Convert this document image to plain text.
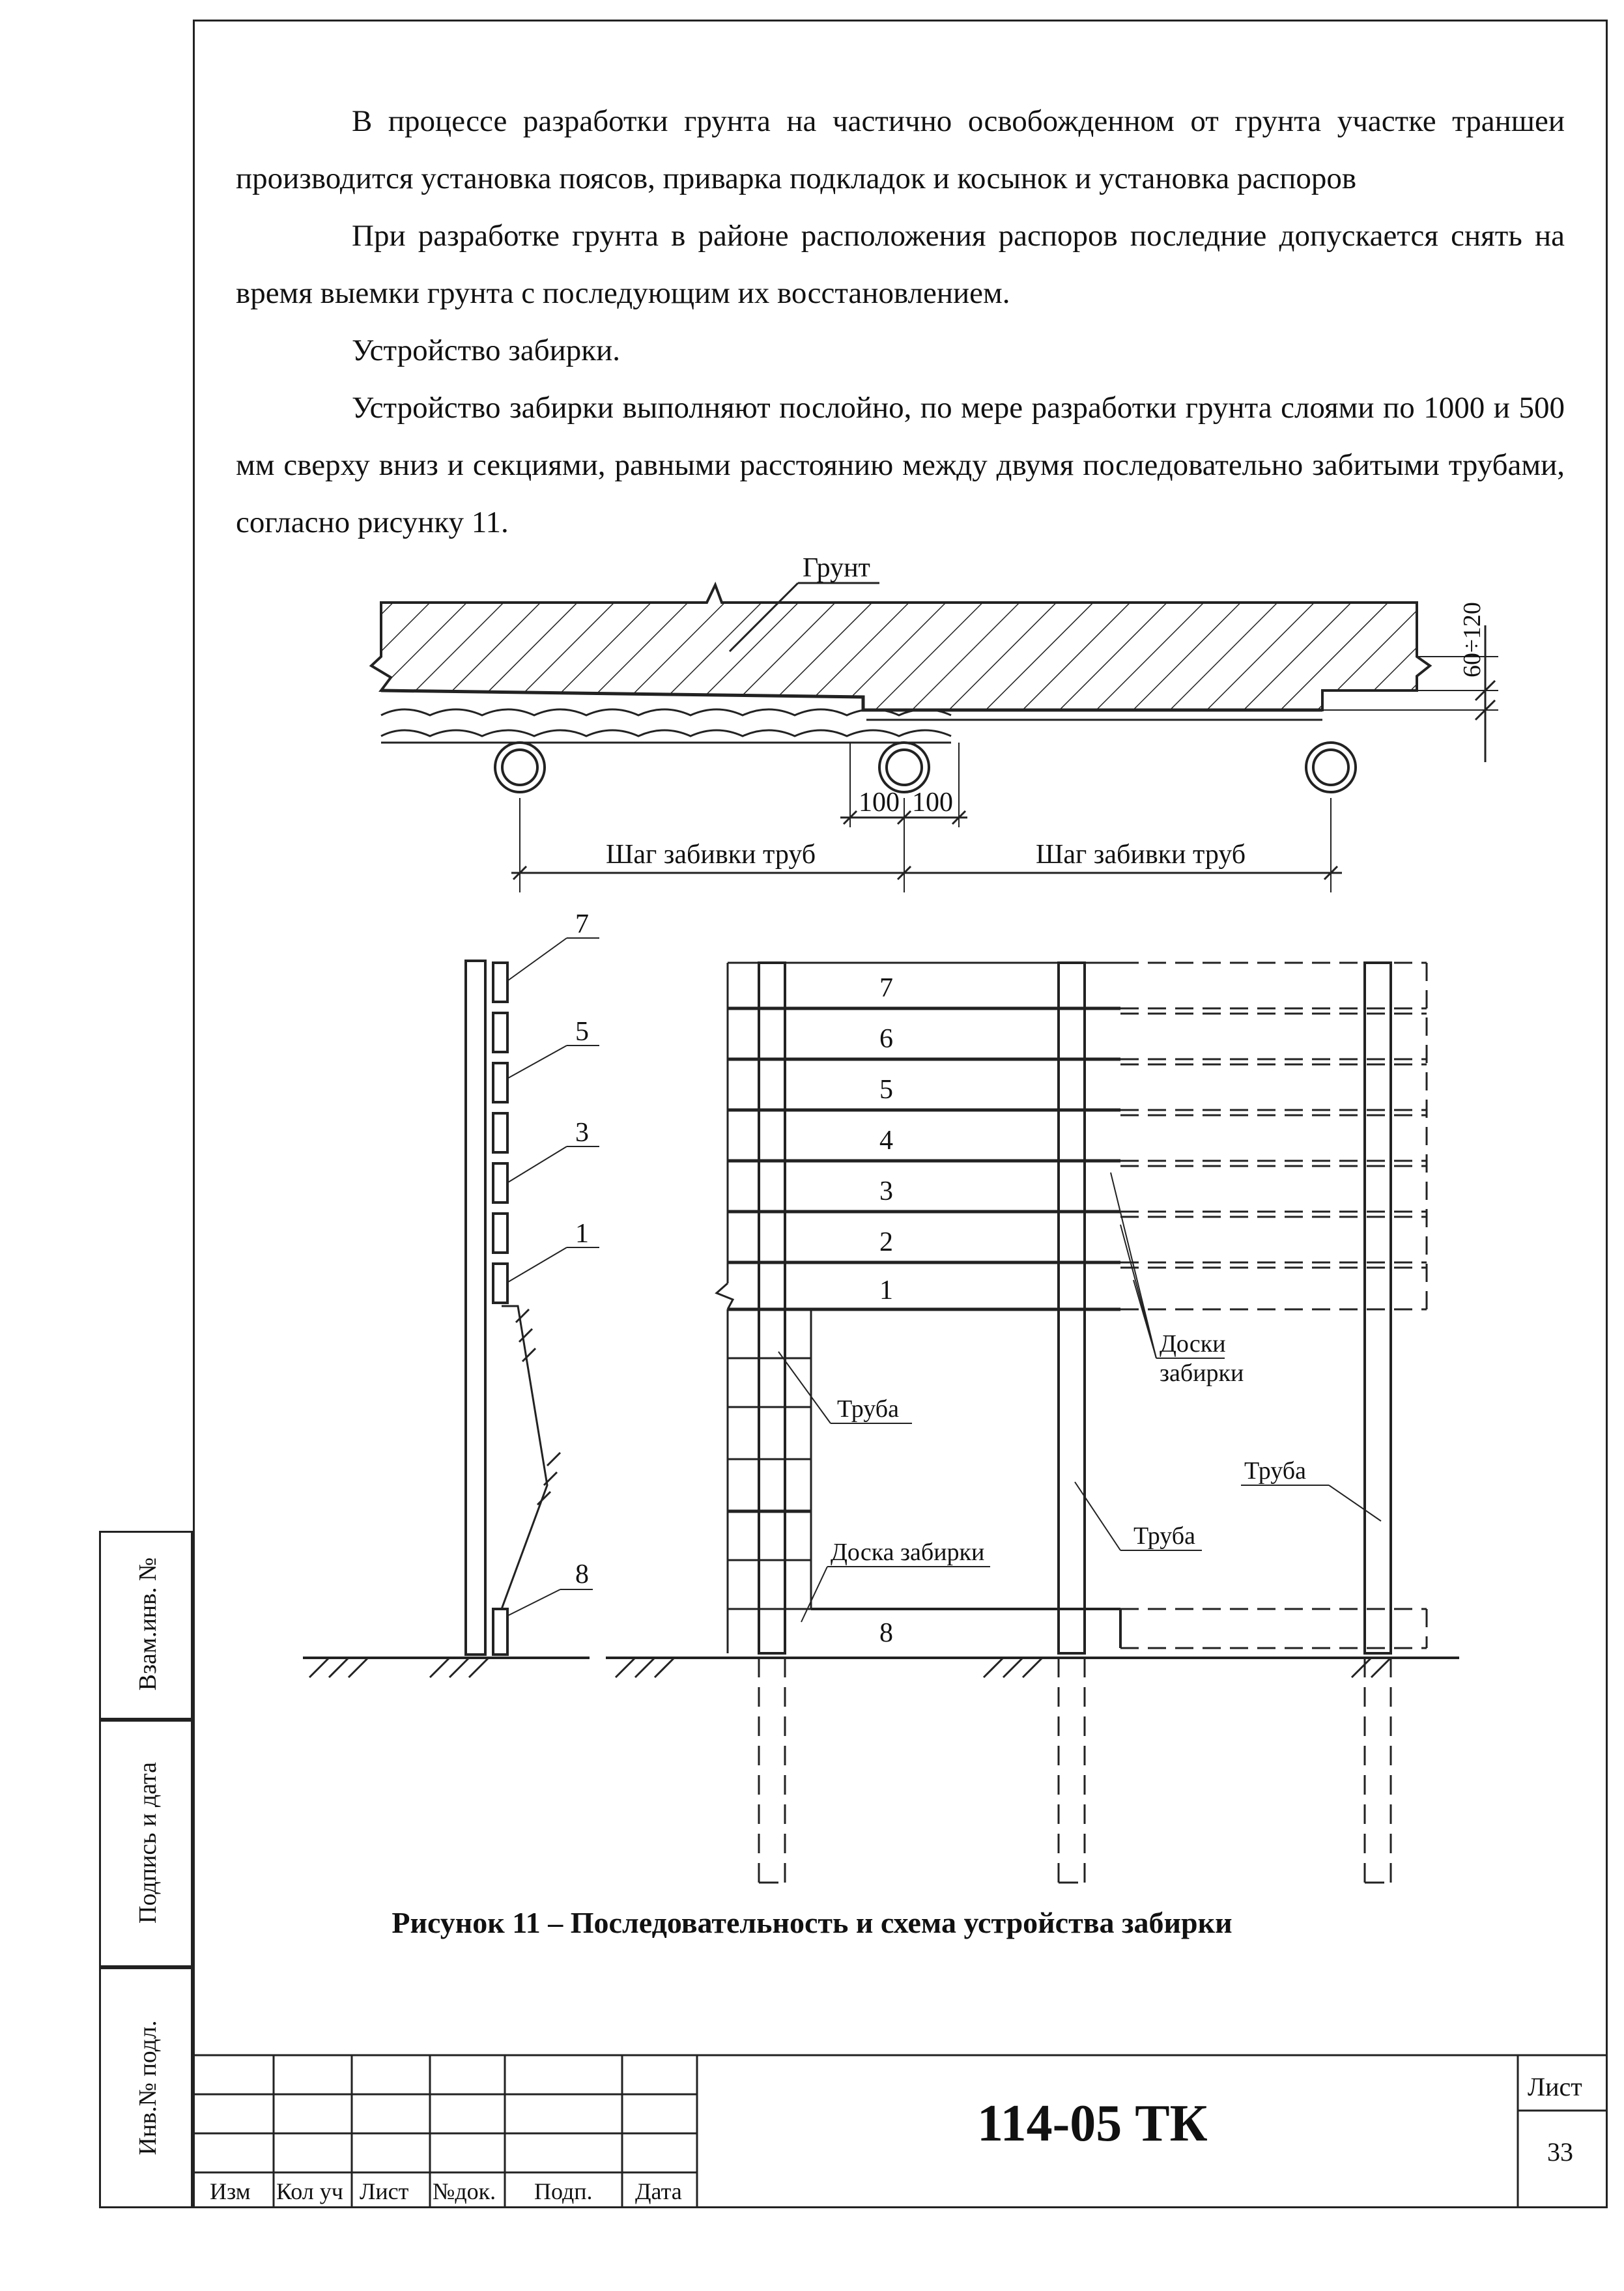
В процессе разработки грунта на частично освобожденном от грунта участке траншеи производится установка поясов, приварка подкладок и косынок и установка распоров

При разработке грунта в районе расположения распоров последние допускается снять на время выемки грунта с последующим их восстановлением.

Устройство забирки.

Устройство забирки выполняют послойно, по мере разработки грунта слоями по 1000 и 500 мм сверху вниз и секциями, равными расстоянию между двумя последовательно забитыми трубами, согласно рисунку 11.

Грунт
60÷120
100 100
Шаг забивки труб	Шаг забивки труб
7
5
3
1
8
7
6
5
4
3
2
1
8
Доски
забирки
Труба
Труба
Труба
Доска забирки
Рисунок 11 – Последовательность и схема устройства забирки
Взам.инв. №
Подпись и дата
Инв.№ подл.
Изм Кол уч Лист №док. Подп. Дата
114-05 ТК
Лист
33
